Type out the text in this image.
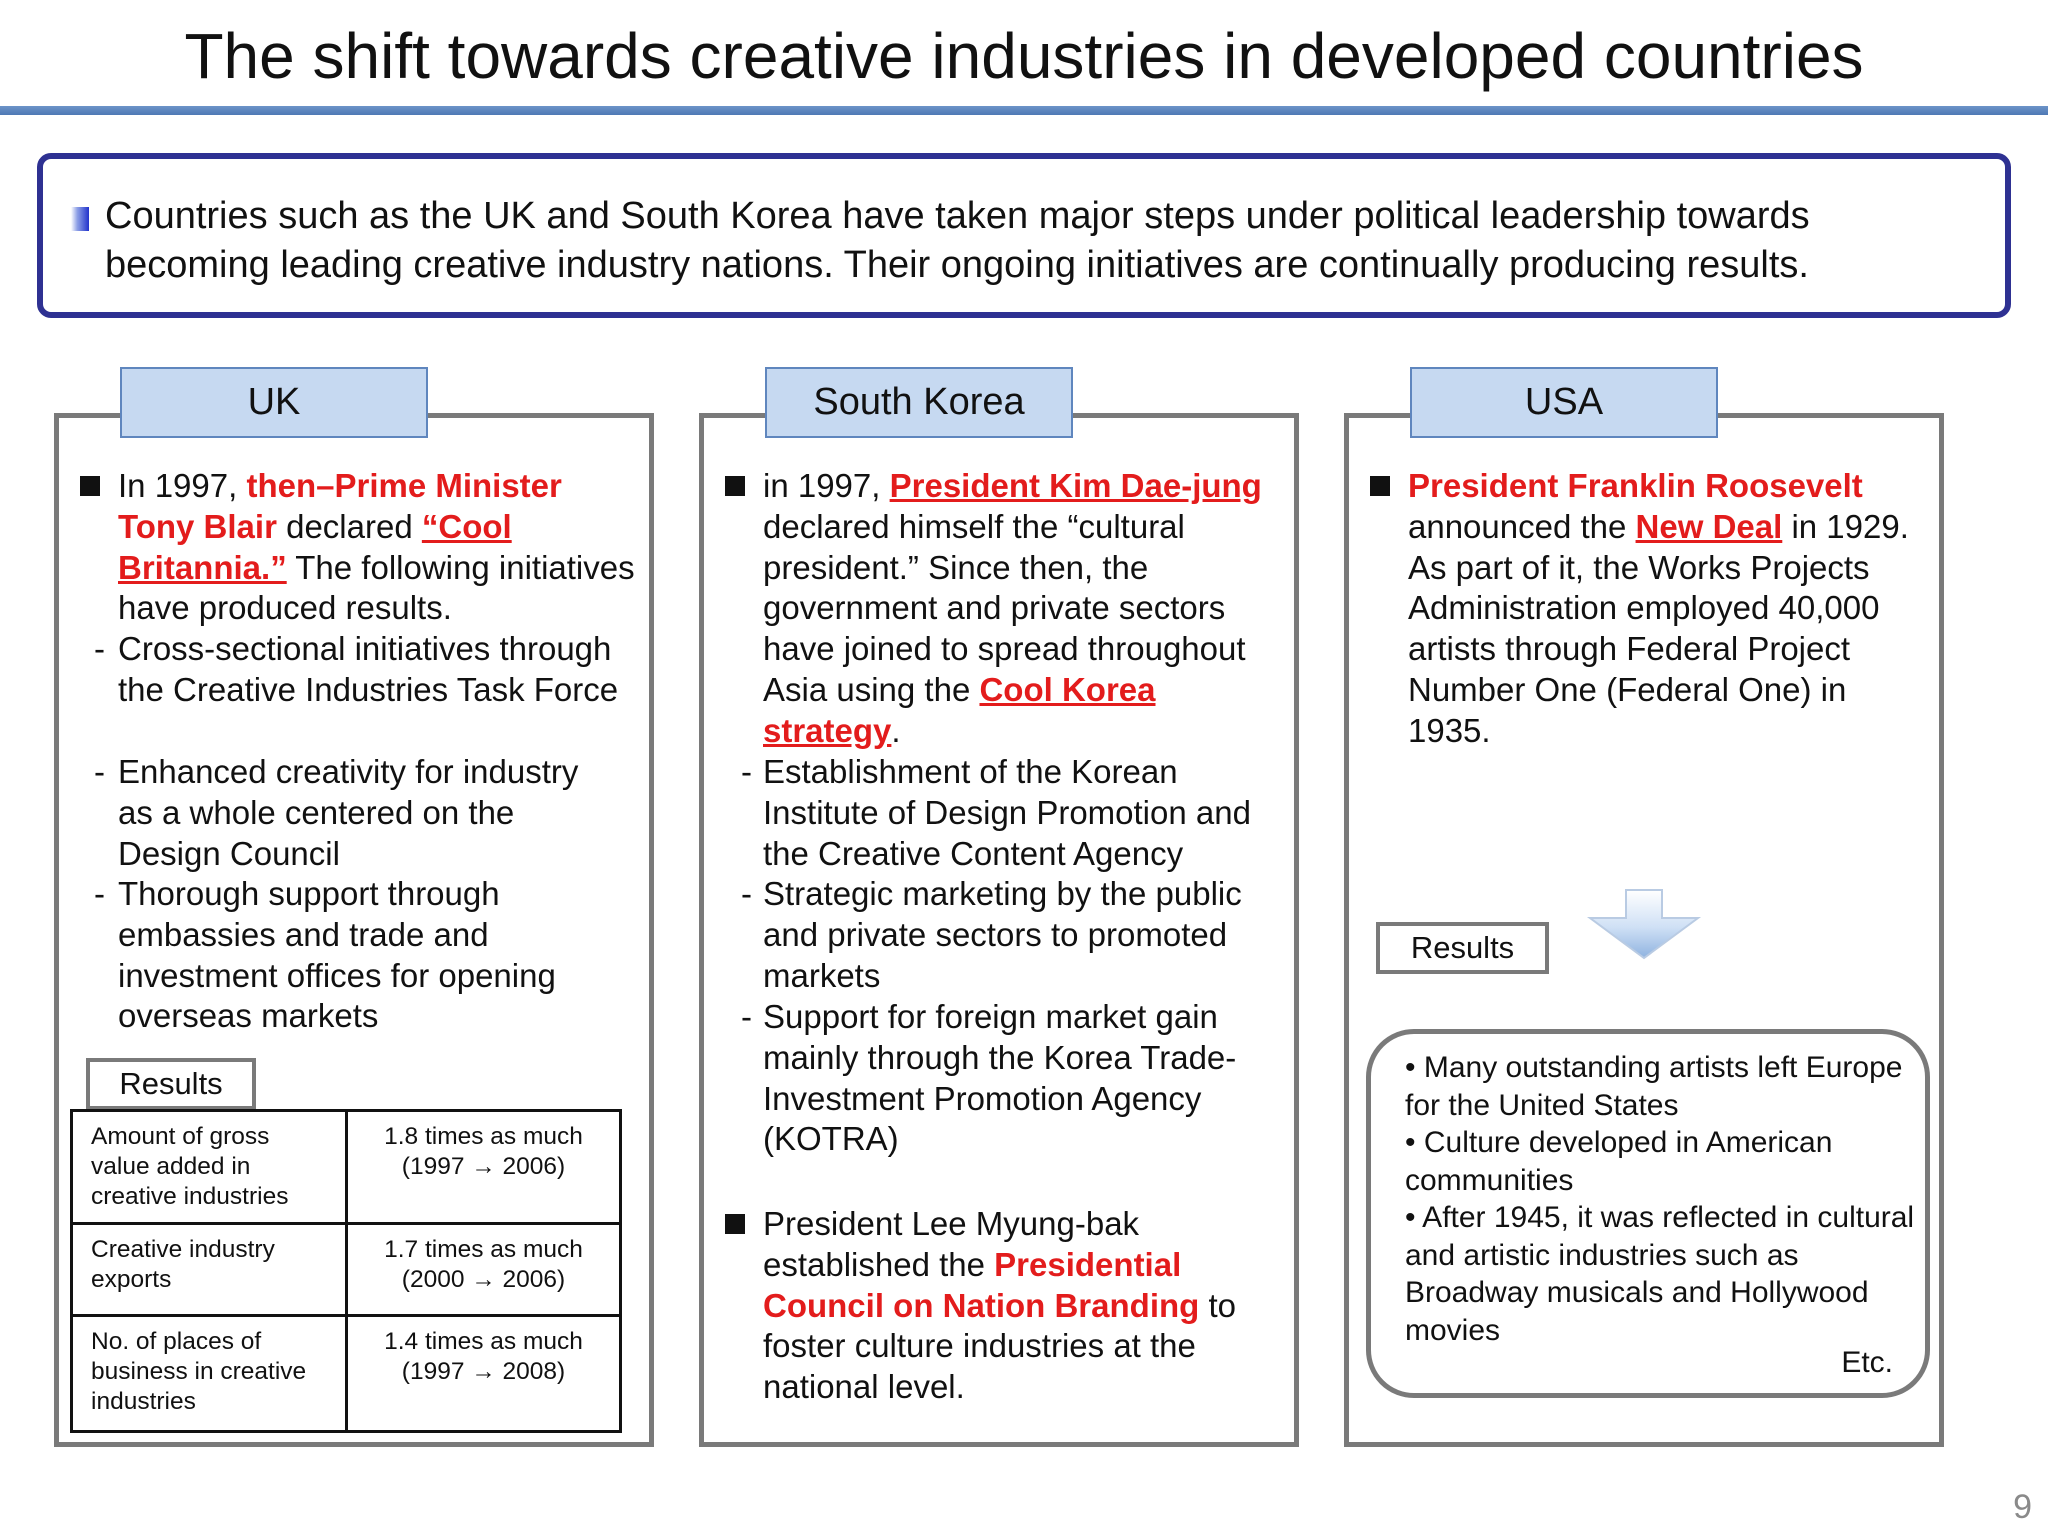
The shift towards creative industries in developed countries
Countries such as the UK and South Korea have taken major steps under political leadership towards
becoming leading creative industry nations. Their ongoing initiatives are continually producing results.
UK
In 1997, then–Prime Minister Tony Blair declared “Cool Britannia.” The following initiatives have produced results.
- Cross-sectional initiatives through the Creative Industries Task Force
- Enhanced creativity for industry as a whole centered on the Design Council
- Thorough support through embassies and trade and investment offices for opening overseas markets
Results
Amount of gross value added in creative industries	1.8 times as much
(1997 → 2006)

Creative industry exports	1.7 times as much
(2000 → 2006)

No. of places of business in creative industries	1.4 times as much
(1997 → 2008)
South Korea
in 1997, President Kim Dae-jung declared himself the “cultural president.” Since then, the government and private sectors have joined to spread throughout Asia using the Cool Korea strategy.
- Establishment of the Korean Institute of Design Promotion and the Creative Content Agency
- Strategic marketing by the public and private sectors to promoted markets
- Support for foreign market gain mainly through the Korea Trade-Investment Promotion Agency (KOTRA)
President Lee Myung-bak established the Presidential Council on Nation Branding to foster culture industries at the national level.
USA
President Franklin Roosevelt announced the New Deal in 1929. As part of it, the Works Projects Administration employed 40,000 artists through Federal Project Number One (Federal One) in 1935.
Results
• Many outstanding artists left Europe for the United States
• Culture developed in American communities
• After 1945, it was reflected in cultural and artistic industries such as Broadway musicals and Hollywood movies
Etc.
9
